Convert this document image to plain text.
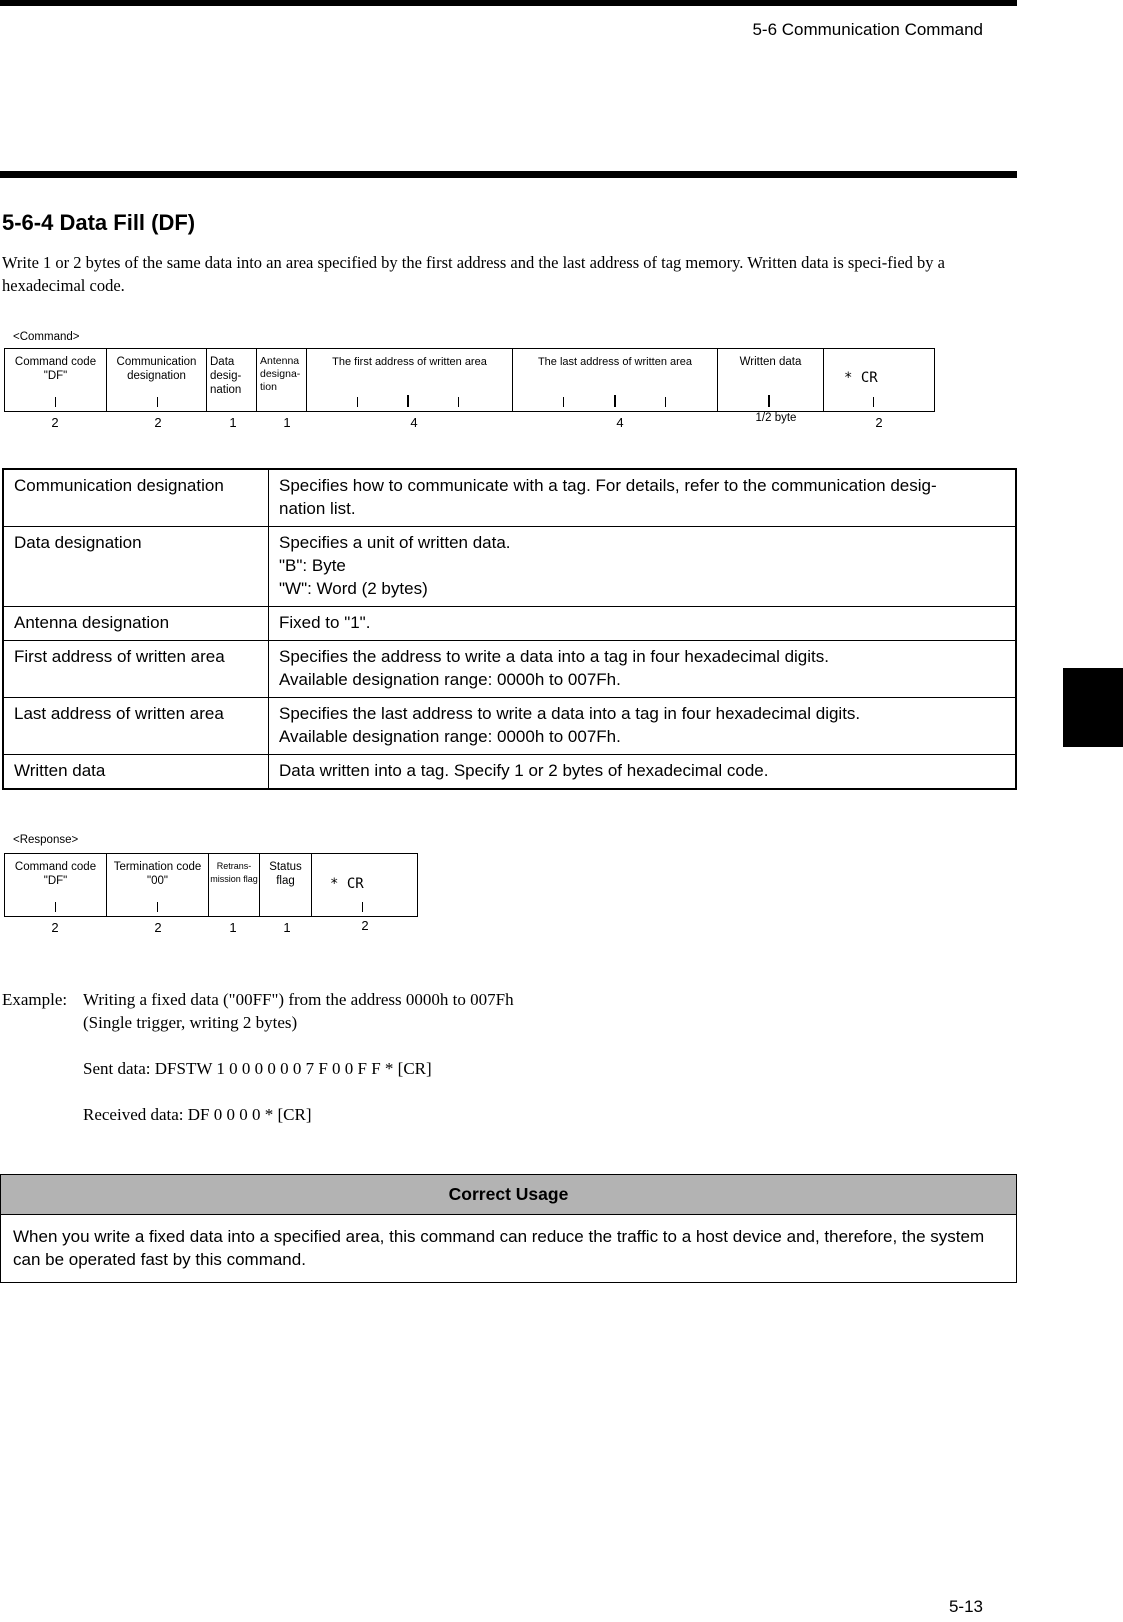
5-6 Communication Command
5-6-4 Data Fill (DF)
Write 1 or 2 bytes of the same data into an area specified by the first address and the last address of tag memory. Written data is speci-fied by a hexadecimal code.
<Command>
Command code "DF"
Communication designation
Data desig-nation
Antenna designa-tion
The first address of written area	The last address of written area	Written data
* CR
2	2	1	1	4	4	1/2 byte	2
Communication designation	Specifies how to communicate with a tag. For details, refer to the communication desig-
nation list.

Data designation	Specifies a unit of written data.
"B": Byte
"W": Word (2 bytes)

Antenna designation	Fixed to "1".

First address of written area	Specifies the address to write a data into a tag in four hexadecimal digits.
Available designation range: 0000h to 007Fh.

Last address of written area	Specifies the last address to write a data into a tag in four hexadecimal digits.
Available designation range: 0000h to 007Fh.

Written data	Data written into a tag. Specify 1 or 2 bytes of hexadecimal code.
<Response>
Command code "DF"
Termination code "00"
Retrans-mission flag
Status flag	* CR
2	2	1	1	2
Example: Writing a fixed data ("00FF") from the address 0000h to 007Fh
(Single trigger, writing 2 bytes)
Sent data: DFSTW 1 0 0 0 0 0 0 7 F 0 0 F F * [CR]
Received data: DF 0 0 0 0 * [CR]
Correct Usage
When you write a fixed data into a specified area, this command can reduce the traffic to a host device and, therefore, the system can be operated fast by this command.
5-13
